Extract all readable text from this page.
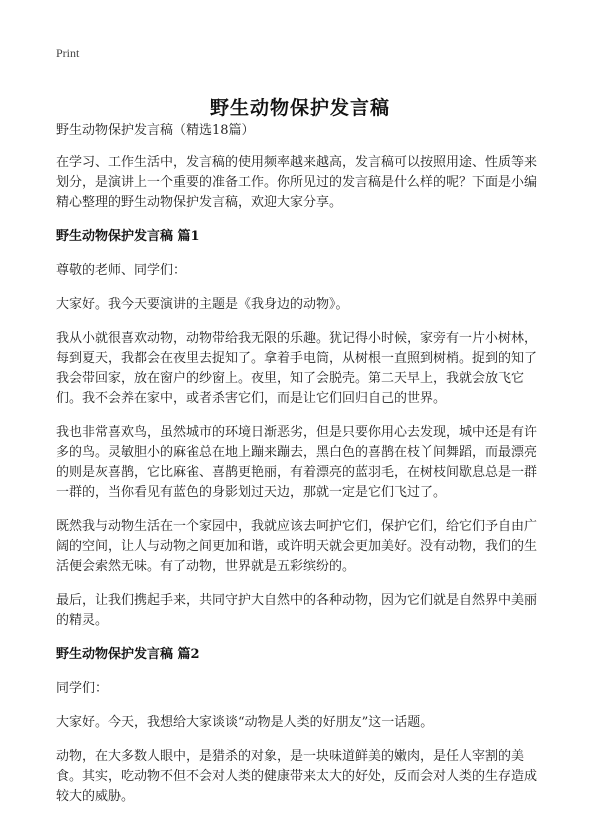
Print
野生动物保护发言稿

野生动物保护发言稿（精选18篇）

在学习、工作生活中，发言稿的使用频率越来越高，发言稿可以按照用途、性质等来划分，是演讲上一个重要的准备工作。你所见过的发言稿是什么样的呢？下面是小编精心整理的野生动物保护发言稿，欢迎大家分享。

野生动物保护发言稿 篇1

尊敬的老师、同学们：

大家好。我今天要演讲的主题是《我身边的动物》。

我从小就很喜欢动物，动物带给我无限的乐趣。犹记得小时候，家旁有一片小树林，每到夏天，我都会在夜里去捉知了。拿着手电筒，从树根一直照到树梢。捉到的知了我会带回家，放在窗户的纱窗上。夜里，知了会脱壳。第二天早上，我就会放飞它们。我不会养在家中，或者杀害它们，而是让它们回归自己的世界。

我也非常喜欢鸟，虽然城市的环境日渐恶劣，但是只要你用心去发现，城中还是有许多的鸟。灵敏胆小的麻雀总在地上蹦来蹦去，黑白色的喜鹊在枝丫间舞蹈，而最漂亮的则是灰喜鹊，它比麻雀、喜鹊更艳丽，有着漂亮的蓝羽毛，在树枝间歇息总是一群一群的，当你看见有蓝色的身影划过天边，那就一定是它们飞过了。

既然我与动物生活在一个家园中，我就应该去呵护它们，保护它们，给它们予自由广阔的空间，让人与动物之间更加和谐，或许明天就会更加美好。没有动物，我们的生活便会索然无味。有了动物，世界就是五彩缤纷的。

最后，让我们携起手来，共同守护大自然中的各种动物，因为它们就是自然界中美丽的精灵。

野生动物保护发言稿 篇2

同学们：

大家好。今天，我想给大家谈谈“动物是人类的好朋友”这一话题。

动物，在大多数人眼中，是猎杀的对象，是一块味道鲜美的嫩肉，是任人宰割的美食。其实，吃动物不但不会对人类的健康带来太大的好处，反而会对人类的生存造成较大的威胁。
